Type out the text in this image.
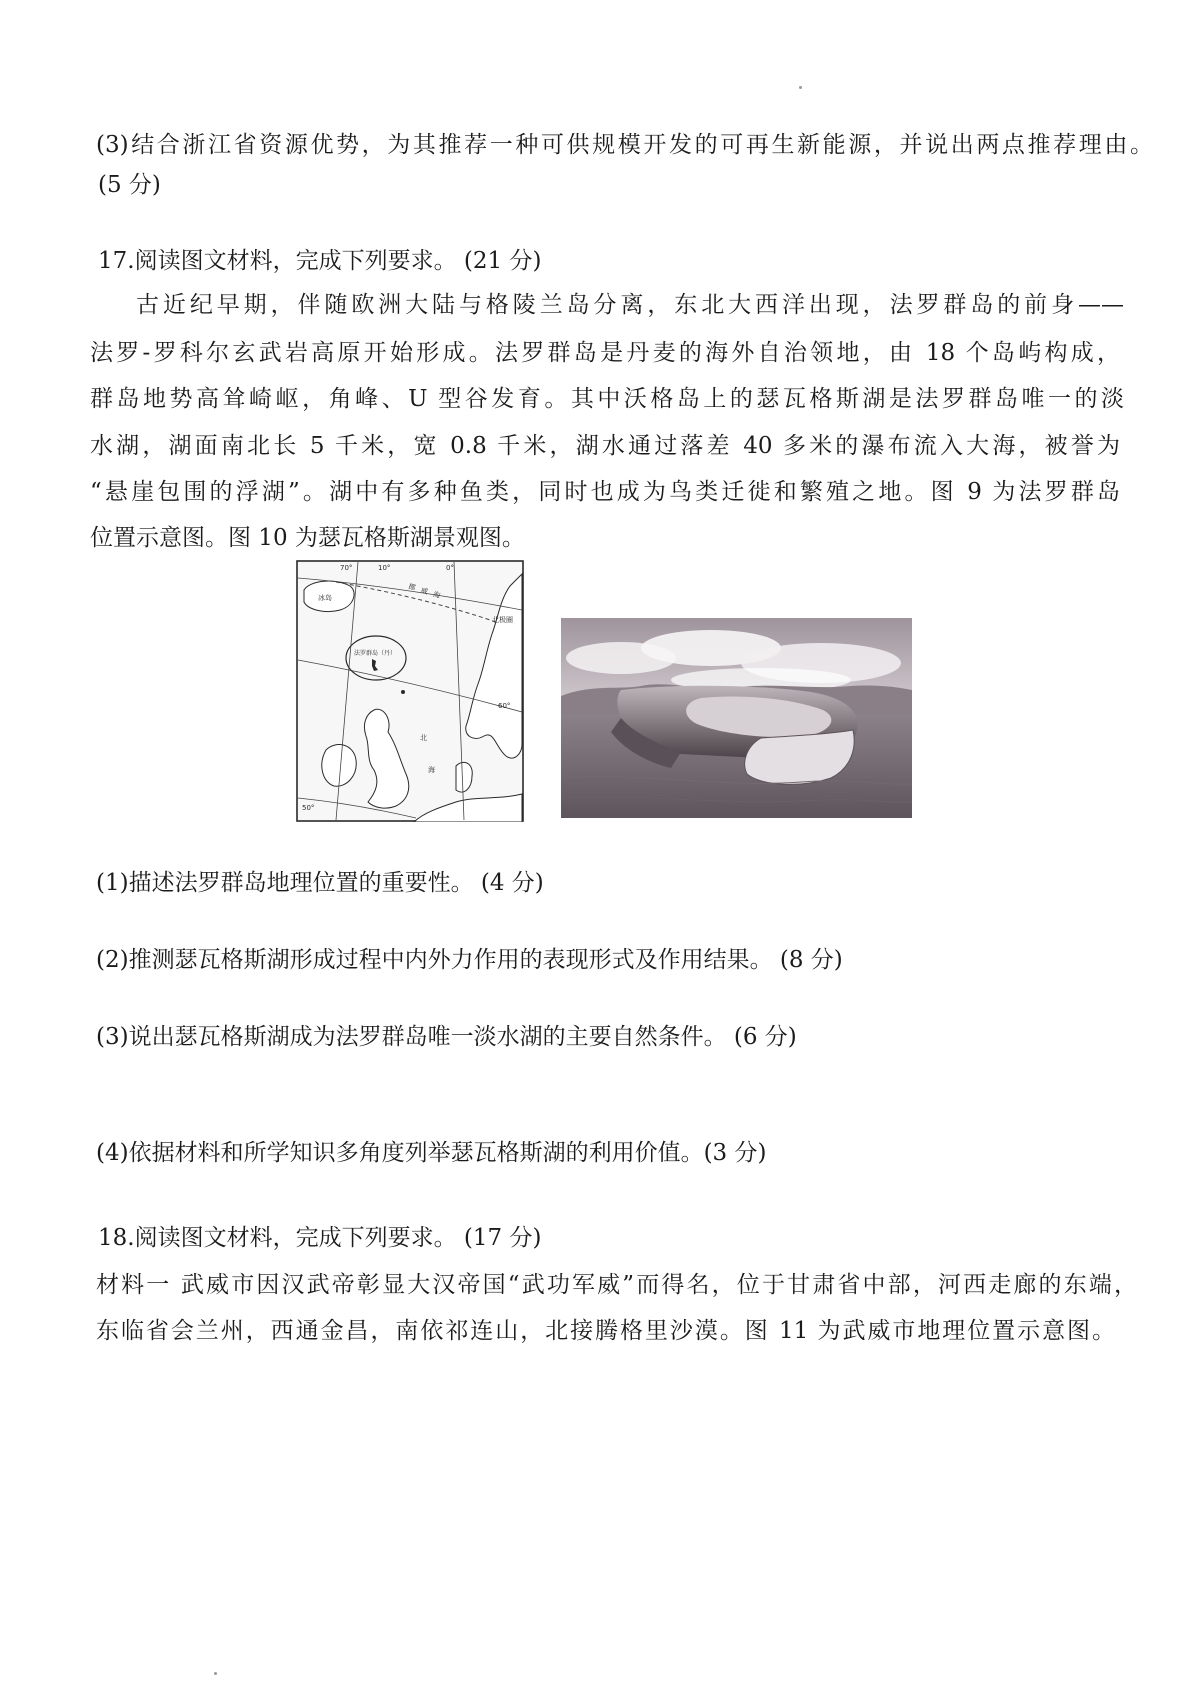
(3)结合浙江省资源优势，为其推荐一种可供规模开发的可再生新能源，并说出两点推荐理由。
(5 分)
17.阅读图文材料，完成下列要求。 (21 分)
古近纪早期，伴随欧洲大陆与格陵兰岛分离，东北大西洋出现，法罗群岛的前身——
法罗-罗科尔玄武岩高原开始形成。法罗群岛是丹麦的海外自治领地，由 18 个岛屿构成，
群岛地势高耸崎岖，角峰、U 型谷发育。其中沃格岛上的瑟瓦格斯湖是法罗群岛唯一的淡
水湖，湖面南北长 5 千米，宽 0.8 千米，湖水通过落差 40 多米的瀑布流入大海，被誉为
“悬崖包围的浮湖”。湖中有多种鱼类，同时也成为鸟类迁徙和繁殖之地。图 9 为法罗群岛
位置示意图。图 10 为瑟瓦格斯湖景观图。
70°	10°	0°
冰岛	挪威海
北极圈
法罗群岛（丹）
60°
北
海
50°
(1)描述法罗群岛地理位置的重要性。 (4 分)
(2)推测瑟瓦格斯湖形成过程中内外力作用的表现形式及作用结果。 (8 分)
(3)说出瑟瓦格斯湖成为法罗群岛唯一淡水湖的主要自然条件。 (6 分)
(4)依据材料和所学知识多角度列举瑟瓦格斯湖的利用价值。(3 分)
18.阅读图文材料，完成下列要求。 (17 分)
材料一 武威市因汉武帝彰显大汉帝国“武功军威”而得名，位于甘肃省中部，河西走廊的东端，
东临省会兰州，西通金昌，南依祁连山，北接腾格里沙漠。图 11 为武威市地理位置示意图。
